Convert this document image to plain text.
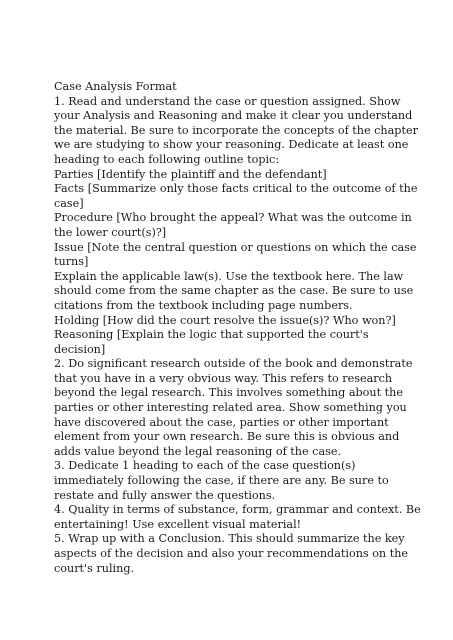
Case Analysis Format

1. Read and understand the case or question assigned. Show

your Analysis and Reasoning and make it clear you understand

the material. Be sure to incorporate the concepts of the chapter

we are studying to show your reasoning. Dedicate at least one

heading to each following outline topic:

Parties [Identify the plaintiff and the defendant]

Facts [Summarize only those facts critical to the outcome of the

case]

Procedure [Who brought the appeal? What was the outcome in

the lower court(s)?]

Issue [Note the central question or questions on which the case

turns]

Explain the applicable law(s). Use the textbook here. The law

should come from the same chapter as the case. Be sure to use

citations from the textbook including page numbers.

Holding [How did the court resolve the issue(s)? Who won?]

Reasoning [Explain the logic that supported the court's

decision]

2. Do significant research outside of the book and demonstrate

that you have in a very obvious way. This refers to research

beyond the legal research. This involves something about the

parties or other interesting related area. Show something you

have discovered about the case, parties or other important

element from your own research. Be sure this is obvious and

adds value beyond the legal reasoning of the case.

3. Dedicate 1 heading to each of the case question(s)

immediately following the case, if there are any. Be sure to

restate and fully answer the questions.

4. Quality in terms of substance, form, grammar and context. Be

entertaining! Use excellent visual material!

5. Wrap up with a Conclusion. This should summarize the key

aspects of the decision and also your recommendations on the

court's ruling.
